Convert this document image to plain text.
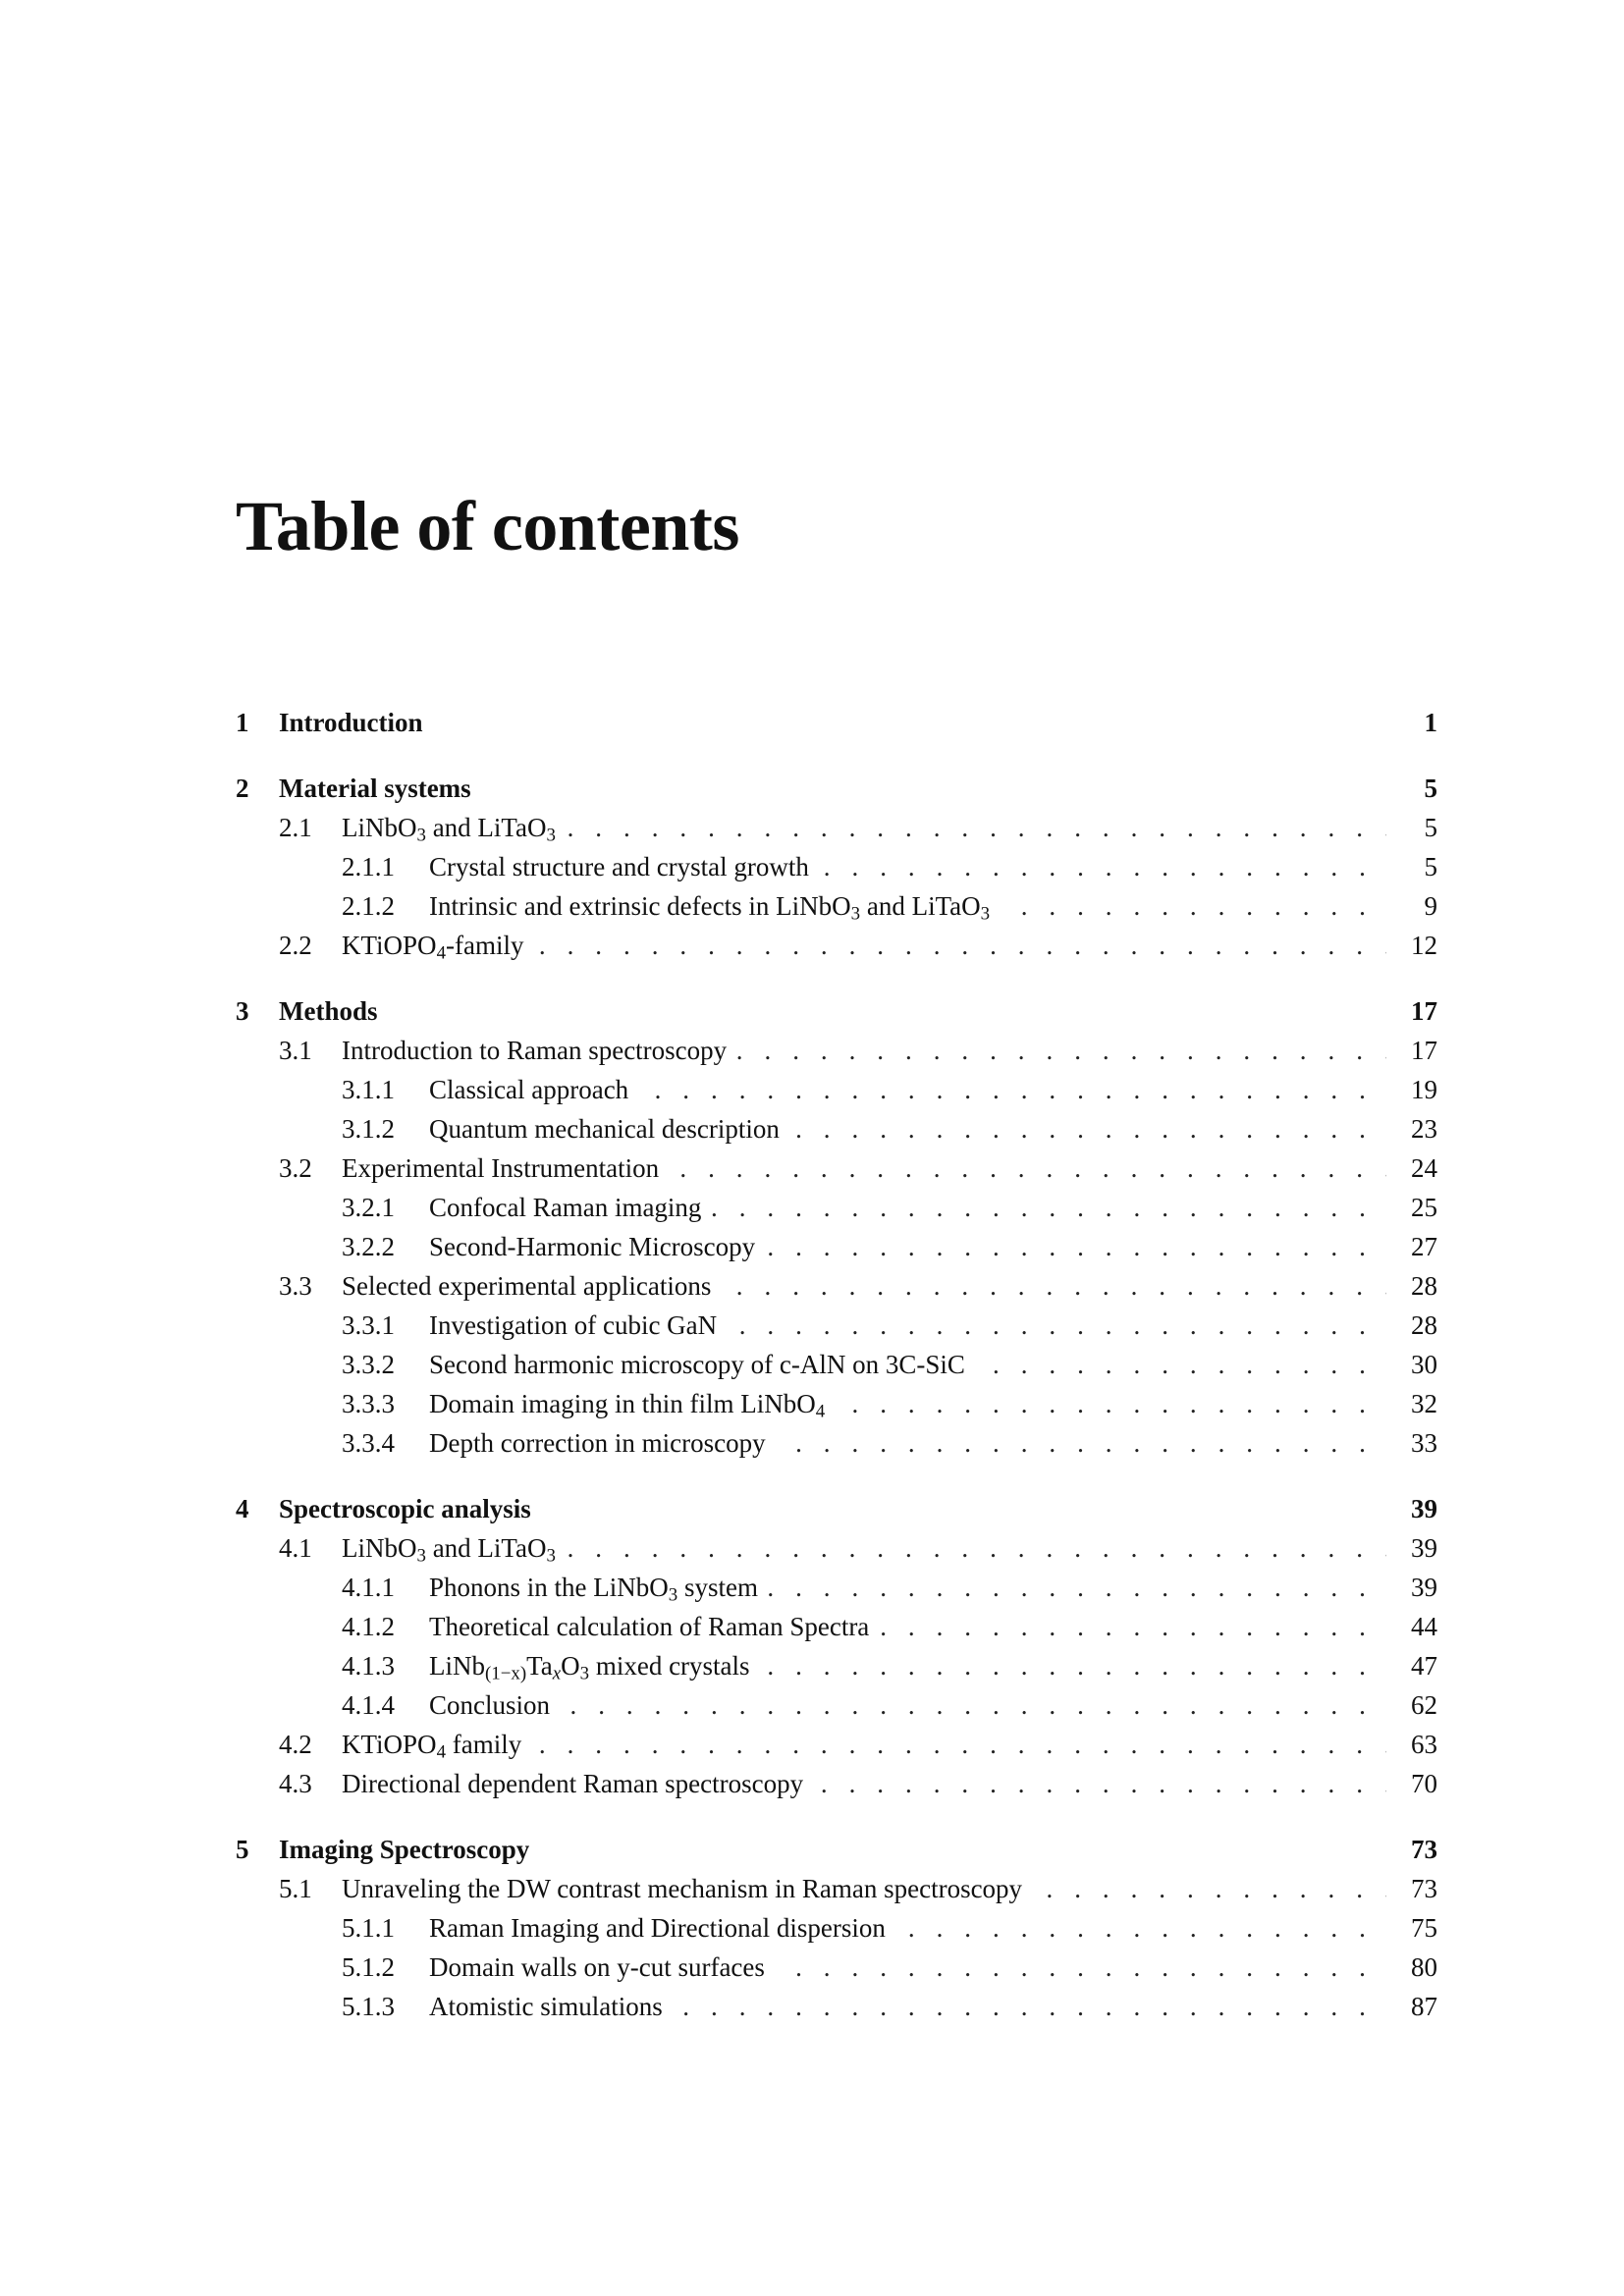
Table of contents
1 Introduction	1
2 Material systems	5
2.1 LiNbO$_3$ and LiTaO$_3$ . . .	5
2.1.1 Crystal structure and crystal growth . . .	5
2.1.2 Intrinsic and extrinsic defects in LiNbO$_3$ and LiTaO$_3$ . . .	9
2.2 KTiOPO$_4$-family . . .	12
3 Methods	17
3.1 Introduction to Raman spectroscopy . . .	17
3.1.1 Classical approach . . .	19
3.1.2 Quantum mechanical description . . .	23
3.2 Experimental Instrumentation . . .	24
3.2.1 Confocal Raman imaging . . .	25
3.2.2 Second-Harmonic Microscopy . . .	27
3.3 Selected experimental applications . . .	28
3.3.1 Investigation of cubic GaN . . .	28
3.3.2 Second harmonic microscopy of c-AlN on 3C-SiC . . .	30
3.3.3 Domain imaging in thin film LiNbO$_4$ . . .	32
3.3.4 Depth correction in microscopy . . .	33
4 Spectroscopic analysis	39
4.1 LiNbO$_3$ and LiTaO$_3$ . . .	39
4.1.1 Phonons in the LiNbO$_3$ system . . .	39
4.1.2 Theoretical calculation of Raman Spectra . . .	44
4.1.3 $LiNb_{(1-x)}Ta_xO_3$ mixed crystals . . .	47
4.1.4 Conclusion . . .	62
4.2 KTiOPO$_4$ family . . .	63
4.3 Directional dependent Raman spectroscopy . . .	70
5 Imaging Spectroscopy	73
5.1 Unraveling the DW contrast mechanism in Raman spectroscopy . . .	73
5.1.1 Raman Imaging and Directional dispersion . . .	75
5.1.2 Domain walls on y-cut surfaces . . .	80
5.1.3 Atomistic simulations . . .	87
